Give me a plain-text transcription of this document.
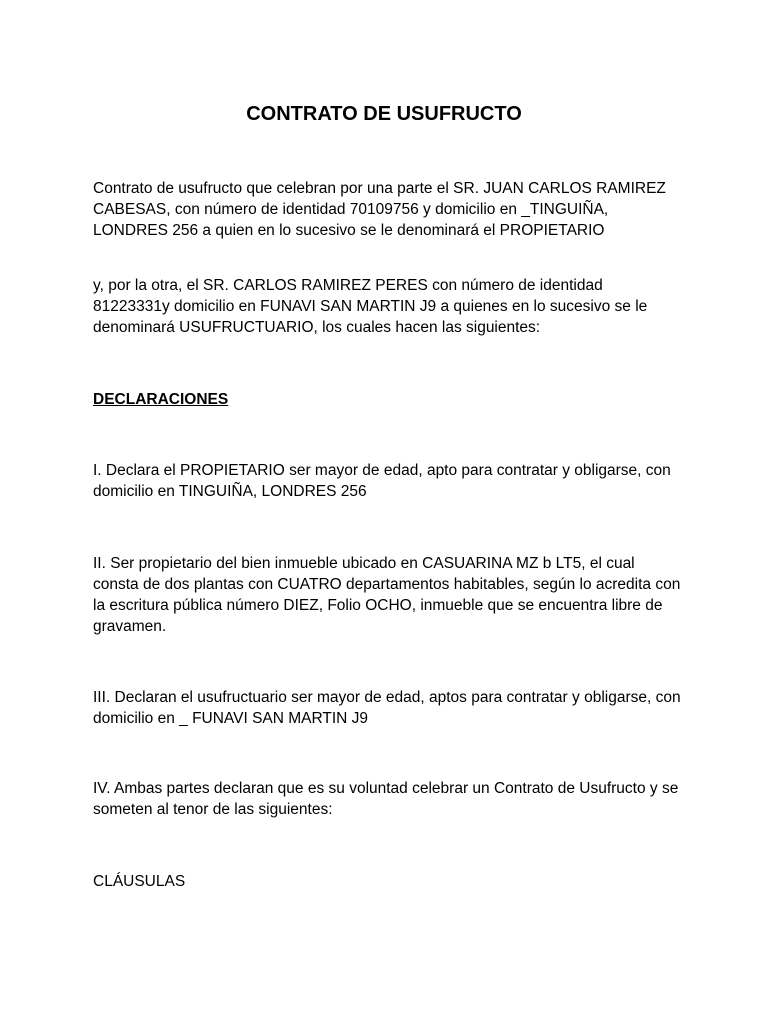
CONTRATO DE USUFRUCTO

Contrato de usufructo que celebran por una parte el SR. JUAN CARLOS RAMIREZ CABESAS, con número de identidad 70109756 y domicilio en _TINGUIÑA, LONDRES 256 a quien en lo sucesivo se le denominará el PROPIETARIO

y, por la otra, el SR. CARLOS RAMIREZ PERES con número de identidad 81223331y domicilio en FUNAVI SAN MARTIN J9 a quienes en lo sucesivo se le denominará USUFRUCTUARIO, los cuales hacen las siguientes:

DECLARACIONES

I. Declara el PROPIETARIO ser mayor de edad, apto para contratar y obligarse, con domicilio en TINGUIÑA, LONDRES 256

II. Ser propietario del bien inmueble ubicado en CASUARINA MZ b LT5, el cual consta de dos plantas con CUATRO departamentos habitables, según lo acredita con la escritura pública número DIEZ, Folio OCHO, inmueble que se encuentra libre de gravamen.

III. Declaran el usufructuario ser mayor de edad, aptos para contratar y obligarse, con domicilio en _ FUNAVI SAN MARTIN J9

IV. Ambas partes declaran que es su voluntad celebrar un Contrato de Usufructo y se someten al tenor de las siguientes:

CLÁUSULAS
